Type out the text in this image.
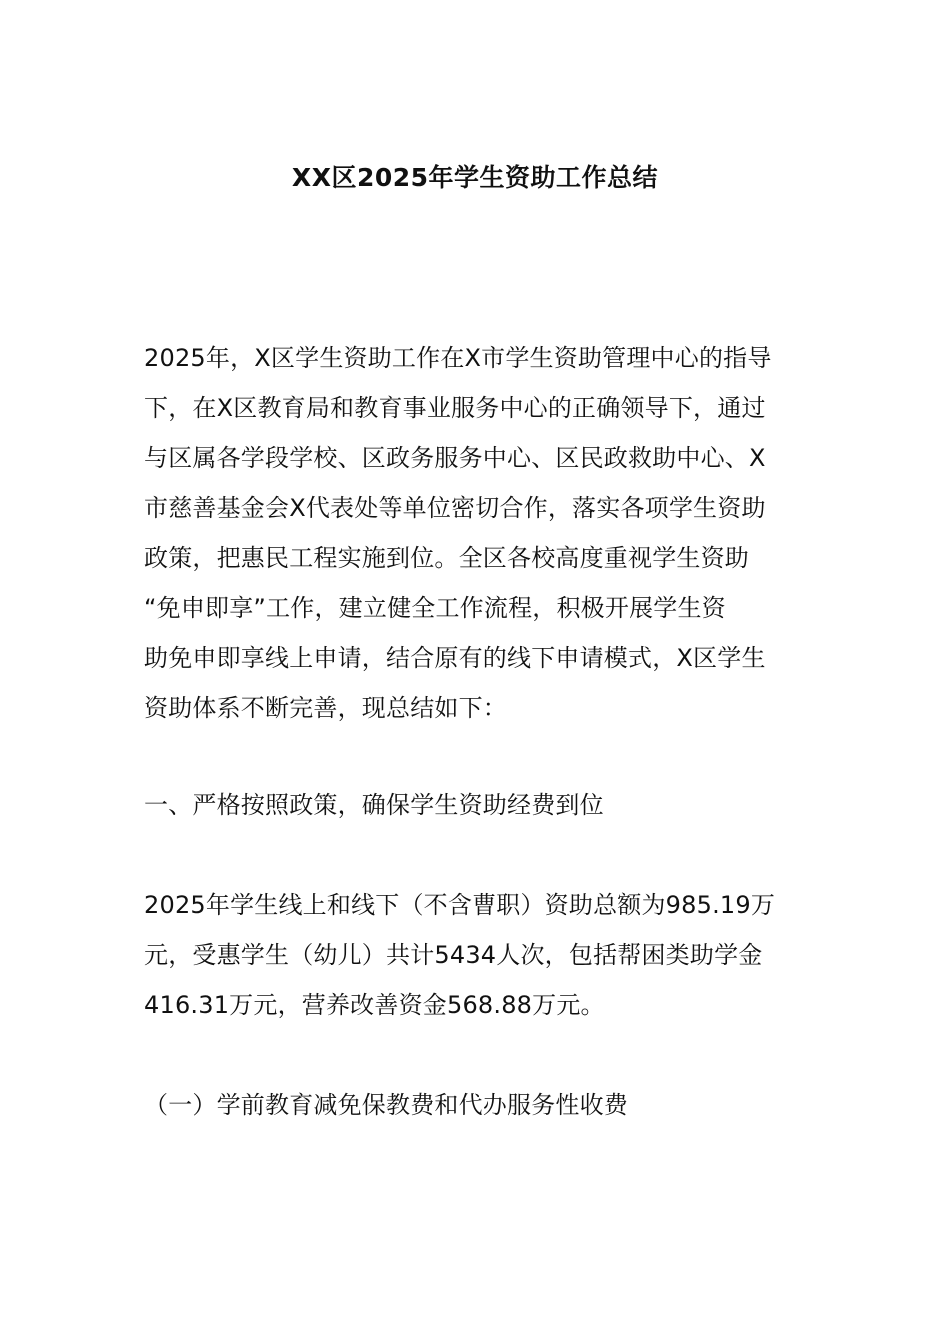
XX区2025年学生资助工作总结
2025年，X区学生资助工作在X市学生资助管理中心的指导
下，在X区教育局和教育事业服务中心的正确领导下，通过
与区属各学段学校、区政务服务中心、区民政救助中心、X
市慈善基金会X代表处等单位密切合作，落实各项学生资助
政策，把惠民工程实施到位。全区各校高度重视学生资助
“免申即享”工作，建立健全工作流程，积极开展学生资
助免申即享线上申请，结合原有的线下申请模式，X区学生
资助体系不断完善，现总结如下：
一、严格按照政策，确保学生资助经费到位
2025年学生线上和线下（不含曹职）资助总额为985.19万
元，受惠学生（幼儿）共计5434人次，包括帮困类助学金
416.31万元，营养改善资金568.88万元。
（一）学前教育减免保教费和代办服务性收费
